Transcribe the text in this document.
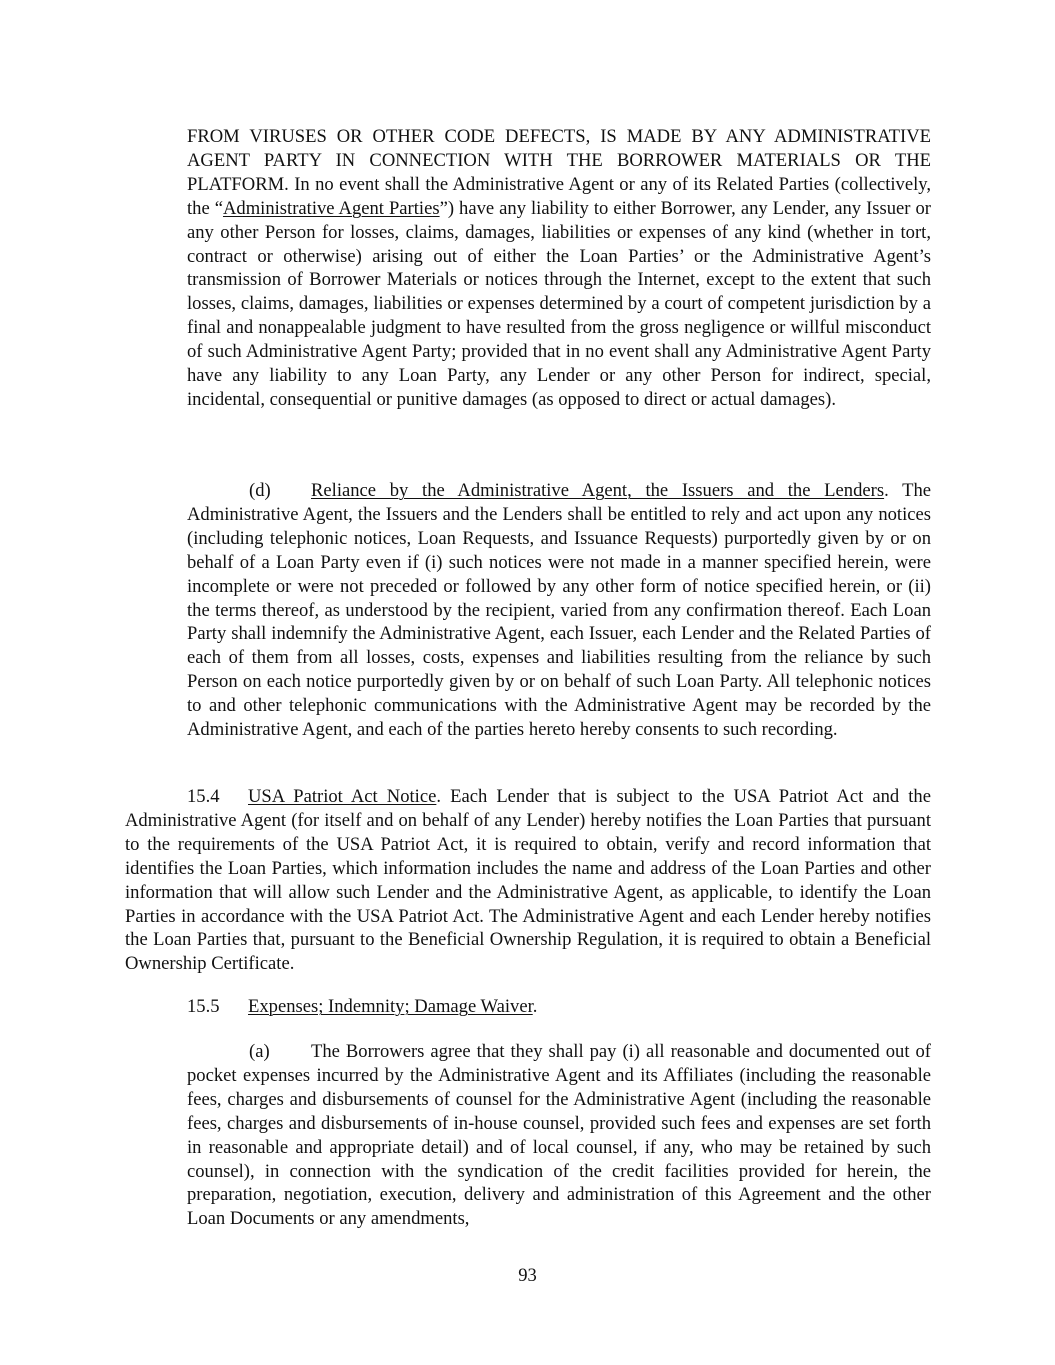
FROM VIRUSES OR OTHER CODE DEFECTS, IS MADE BY ANY ADMINISTRATIVE AGENT PARTY IN CONNECTION WITH THE BORROWER MATERIALS OR THE PLATFORM. In no event shall the Administrative Agent or any of its Related Parties (collectively, the “Administrative Agent Parties”) have any liability to either Borrower, any Lender, any Issuer or any other Person for losses, claims, damages, liabilities or expenses of any kind (whether in tort, contract or otherwise) arising out of either the Loan Parties’ or the Administrative Agent’s transmission of Borrower Materials or notices through the Internet, except to the extent that such losses, claims, damages, liabilities or expenses determined by a court of competent jurisdiction by a final and nonappealable judgment to have resulted from the gross negligence or willful misconduct of such Administrative Agent Party; provided that in no event shall any Administrative Agent Party have any liability to any Loan Party, any Lender or any other Person for indirect, special, incidental, consequential or punitive damages (as opposed to direct or actual damages).

(d) Reliance by the Administrative Agent, the Issuers and the Lenders. The Administrative Agent, the Issuers and the Lenders shall be entitled to rely and act upon any notices (including telephonic notices, Loan Requests, and Issuance Requests) purportedly given by or on behalf of a Loan Party even if (i) such notices were not made in a manner specified herein, were incomplete or were not preceded or followed by any other form of notice specified herein, or (ii) the terms thereof, as understood by the recipient, varied from any confirmation thereof. Each Loan Party shall indemnify the Administrative Agent, each Issuer, each Lender and the Related Parties of each of them from all losses, costs, expenses and liabilities resulting from the reliance by such Person on each notice purportedly given by or on behalf of such Loan Party. All telephonic notices to and other telephonic communications with the Administrative Agent may be recorded by the Administrative Agent, and each of the parties hereto hereby consents to such recording.

15.4 USA Patriot Act Notice. Each Lender that is subject to the USA Patriot Act and the Administrative Agent (for itself and on behalf of any Lender) hereby notifies the Loan Parties that pursuant to the requirements of the USA Patriot Act, it is required to obtain, verify and record information that identifies the Loan Parties, which information includes the name and address of the Loan Parties and other information that will allow such Lender and the Administrative Agent, as applicable, to identify the Loan Parties in accordance with the USA Patriot Act. The Administrative Agent and each Lender hereby notifies the Loan Parties that, pursuant to the Beneficial Ownership Regulation, it is required to obtain a Beneficial Ownership Certificate.

15.5 Expenses; Indemnity; Damage Waiver.

(a) The Borrowers agree that they shall pay (i) all reasonable and documented out of pocket expenses incurred by the Administrative Agent and its Affiliates (including the reasonable fees, charges and disbursements of counsel for the Administrative Agent (including the reasonable fees, charges and disbursements of in-house counsel, provided such fees and expenses are set forth in reasonable and appropriate detail) and of local counsel, if any, who may be retained by such counsel), in connection with the syndication of the credit facilities provided for herein, the preparation, negotiation, execution, delivery and administration of this Agreement and the other Loan Documents or any amendments,

93
